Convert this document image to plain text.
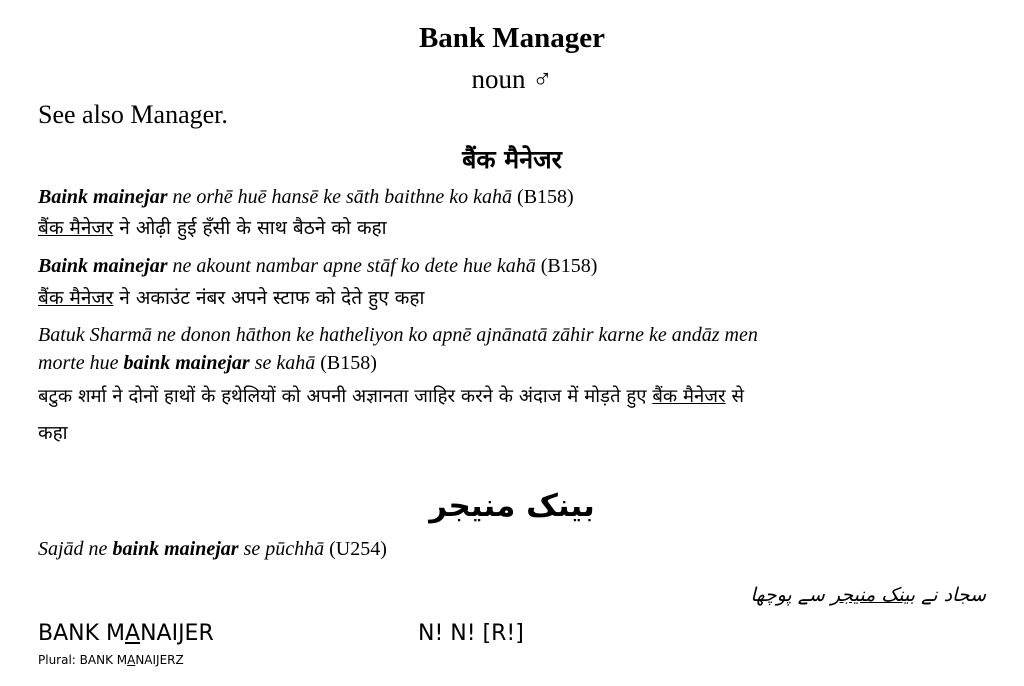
Bank Manager
noun ♂
See also Manager.
बैंक मैनेजर
Baink mainejar ne orhē huē hansē ke sāth baithne ko kahā (B158)
बैंक मैनेजर ने ओढ़ी हुई हँसी के साथ बैठने को कहा
Baink mainejar ne akount nambar apne stāf ko dete hue kahā (B158)
बैंक मैनेजर ने अकाउंट नंबर अपने स्टाफ को देते हुए कहा
Batuk Sharmā ne donon hāthon ke hatheliyon ko apnē ajnānatā zāhir karne ke andāz men
morte hue baink mainejar se kahā (B158)
बटुक शर्मा ने दोनों हाथों के हथेलियों को अपनी अज्ञानता जाहिर करने के अंदाज में मोड़ते हुए बैंक मैनेजर से
कहा
بینک منیجر
Sajād ne baink mainejar se pūchhā (U254)
سجاد نے بینک منیجر سے پوچھا
BANK MANAIJER	N! N! [R!]
Plural: BANK MANAIJERZ
